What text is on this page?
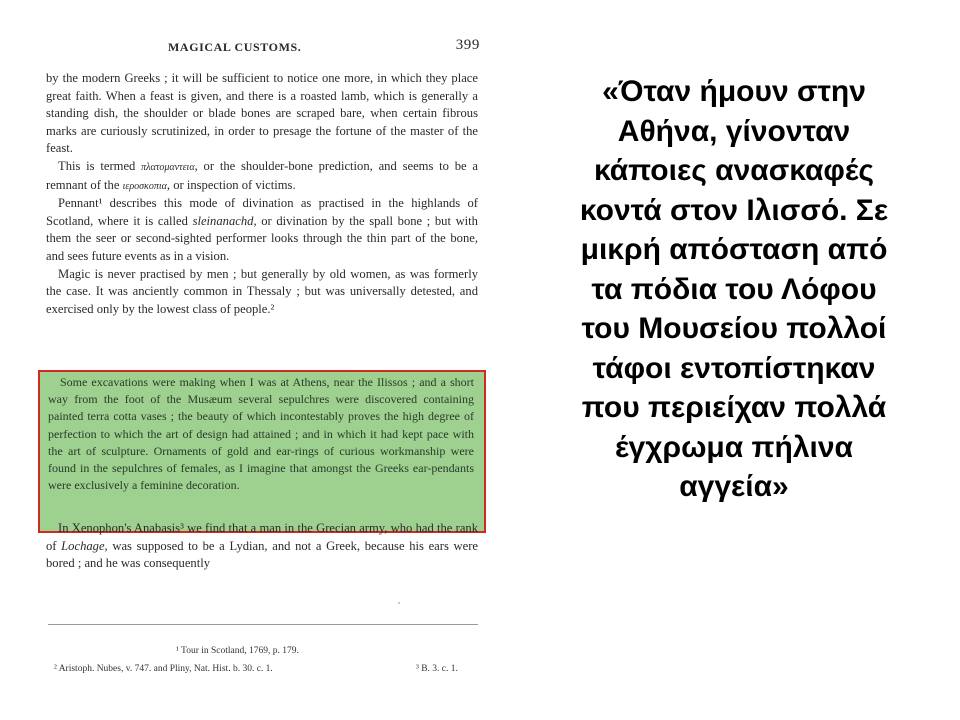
MAGICAL CUSTOMS.	399

by the modern Greeks ; it will be sufficient to notice one more, in which they place great faith. When a feast is given, and there is a roasted lamb, which is generally a standing dish, the shoulder or blade bones are scraped bare, when certain fibrous marks are curiously scrutinized, in order to presage the fortune of the master of the feast.

This is termed πλατομαντεια, or the shoulder-bone prediction, and seems to be a remnant of the ιεροσκοπια, or inspection of victims.

Pennant¹ describes this mode of divination as practised in the highlands of Scotland, where it is called sleinanachd, or divination by the spall bone ; but with them the seer or second-sighted performer looks through the thin part of the bone, and sees future events as in a vision.

Magic is never practised by men ; but generally by old women, as was formerly the case. It was anciently common in Thessaly ; but was universally detested, and exercised only by the lowest class of people.²

Some excavations were making when I was at Athens, near the Ilissos ; and a short way from the foot of the Musæum several sepulchres were discovered containing painted terra cotta vases ; the beauty of which incontestably proves the high degree of perfection to which the art of design had attained ; and in which it had kept pace with the art of sculpture. Ornaments of gold and ear-rings of curious workmanship were found in the sepulchres of females, as I imagine that amongst the Greeks ear-pendants were exclusively a feminine decoration.

In Xenophon's Anabasis³ we find that a man in the Grecian army, who had the rank of Lochage, was supposed to be a Lydian, and not a Greek, because his ears were bored ; and he was consequently

¹ Tour in Scotland, 1769, p. 179.
² Aristoph. Nubes, v. 747. and Pliny, Nat. Hist. b. 30. c. 1.	³ B. 3. c. 1.
«Όταν ήμουν στην
Αθήνα, γίνονταν
κάποιες ανασκαφές
κοντά στον Ιλισσό. Σε
μικρή απόσταση από
τα πόδια του Λόφου
του Μουσείου πολλοί
τάφοι εντοπίστηκαν
που περιείχαν πολλά
έγχρωμα πήλινα
αγγεία»
